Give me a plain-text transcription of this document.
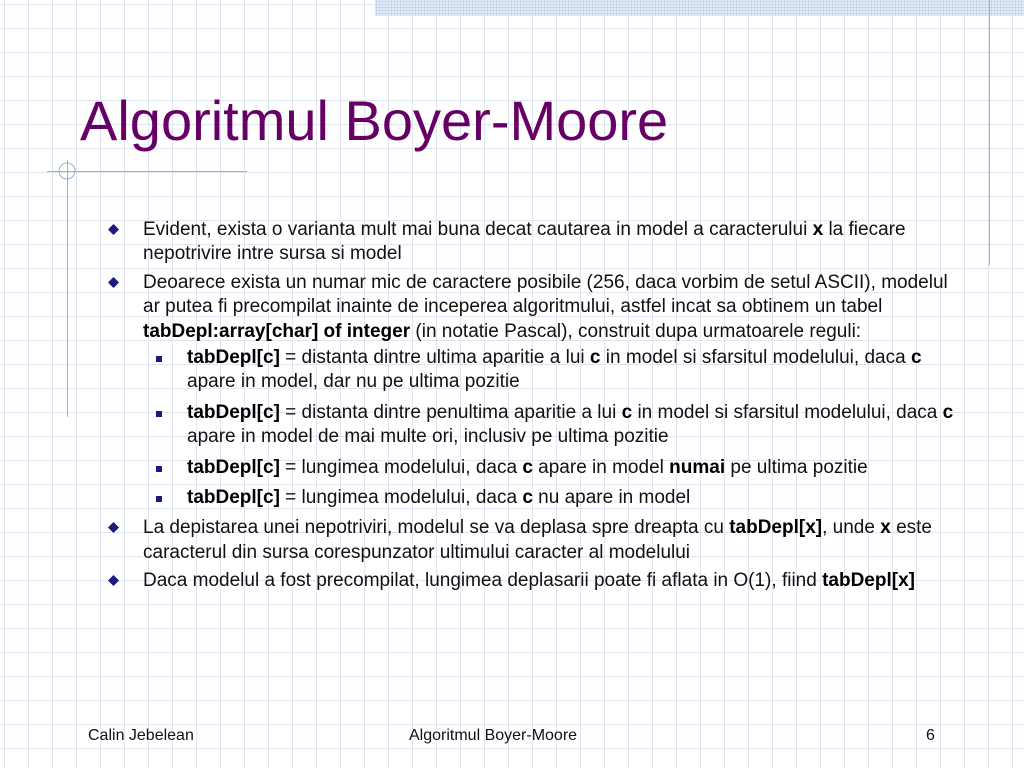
Algoritmul Boyer-Moore
Evident, exista o varianta mult mai buna decat cautarea in model a caracterului x la fiecare nepotrivire intre sursa si model
Deoarece exista un numar mic de caractere posibile (256, daca vorbim de setul ASCII), modelul ar putea fi precompilat inainte de inceperea algoritmului, astfel incat sa obtinem un tabel tabDepl:array[char] of integer (in notatie Pascal), construit dupa urmatoarele reguli:
tabDepl[c] = distanta dintre ultima aparitie a lui c in model si sfarsitul modelului, daca c apare in model, dar nu pe ultima pozitie
tabDepl[c] = distanta dintre penultima aparitie a lui c in model si sfarsitul modelului, daca c apare in model de mai multe ori, inclusiv pe ultima pozitie
tabDepl[c] = lungimea modelului, daca c apare in model numai pe ultima pozitie
tabDepl[c] = lungimea modelului, daca c nu apare in model
La depistarea unei nepotriviri, modelul se va deplasa spre dreapta cu tabDepl[x], unde x este caracterul din sursa corespunzator ultimului caracter al modelului
Daca modelul a fost precompilat, lungimea deplasarii poate fi aflata in O(1), fiind tabDepl[x]
Calin Jebelean	Algoritmul Boyer-Moore	6
